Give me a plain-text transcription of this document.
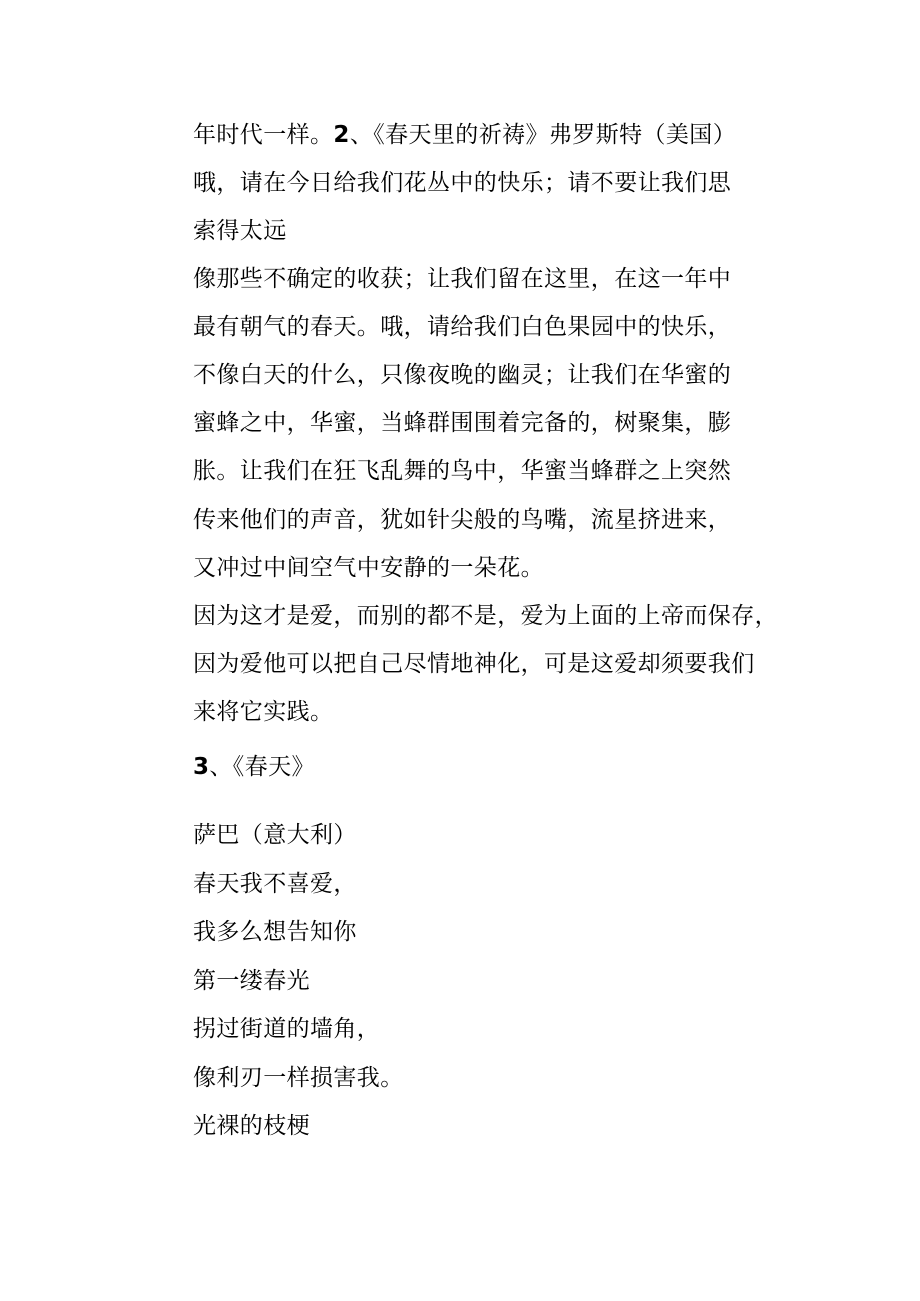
年时代一样。2、《春天里的祈祷》弗罗斯特（美国）
哦，请在今日给我们花丛中的快乐；请不要让我们思
索得太远
像那些不确定的收获；让我们留在这里，在这一年中
最有朝气的春天。哦，请给我们白色果园中的快乐，
不像白天的什么，只像夜晚的幽灵；让我们在华蜜的
蜜蜂之中，华蜜，当蜂群围围着完备的，树聚集，膨
胀。让我们在狂飞乱舞的鸟中，华蜜当蜂群之上突然
传来他们的声音，犹如针尖般的鸟嘴，流星挤进来，
又冲过中间空气中安静的一朵花。
因为这才是爱，而别的都不是，爱为上面的上帝而保存，
因为爱他可以把自己尽情地神化，可是这爱却须要我们
来将它实践。
3、《春天》
萨巴（意大利）
春天我不喜爱，
我多么想告知你
第一缕春光
拐过街道的墙角，
像利刃一样损害我。
光裸的枝梗
